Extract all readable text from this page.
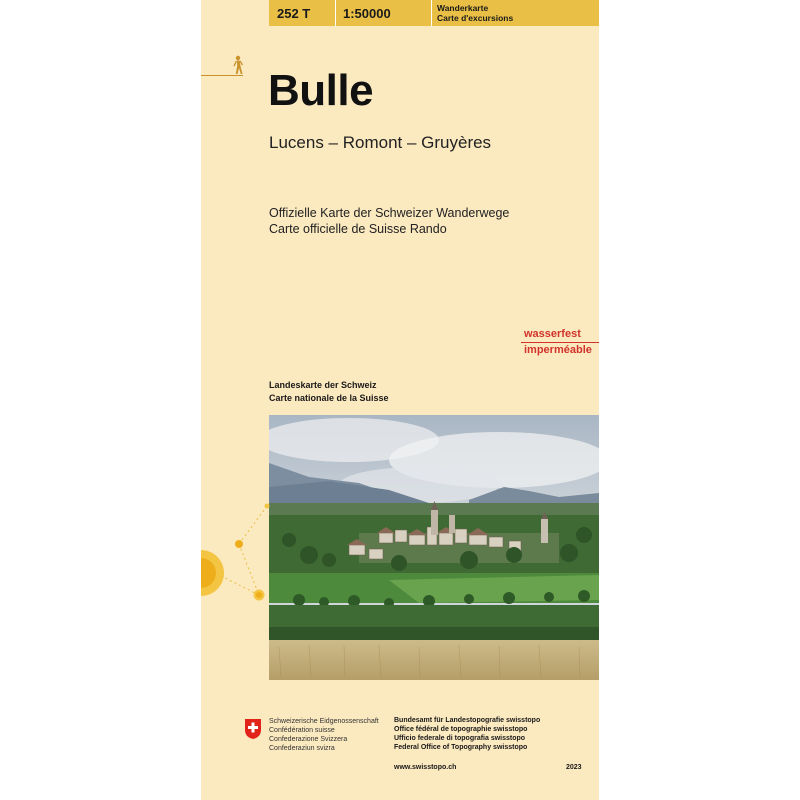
252 T	1:50000	Wanderkarte
Carte d'excursions
Bulle
Lucens – Romont – Gruyères
Offizielle Karte der Schweizer Wanderwege
Carte officielle de Suisse Rando
wasserfest
imperméable
Landeskarte der Schweiz
Carte nationale de la Suisse
Schweizerische Eidgenossenschaft
Confédération suisse
Confederazione Svizzera
Confederaziun svizra
Bundesamt für Landestopografie swisstopo
Office fédéral de topographie swisstopo
Ufficio federale di topografia swisstopo
Federal Office of Topography swisstopo
www.swisstopo.ch	2023
